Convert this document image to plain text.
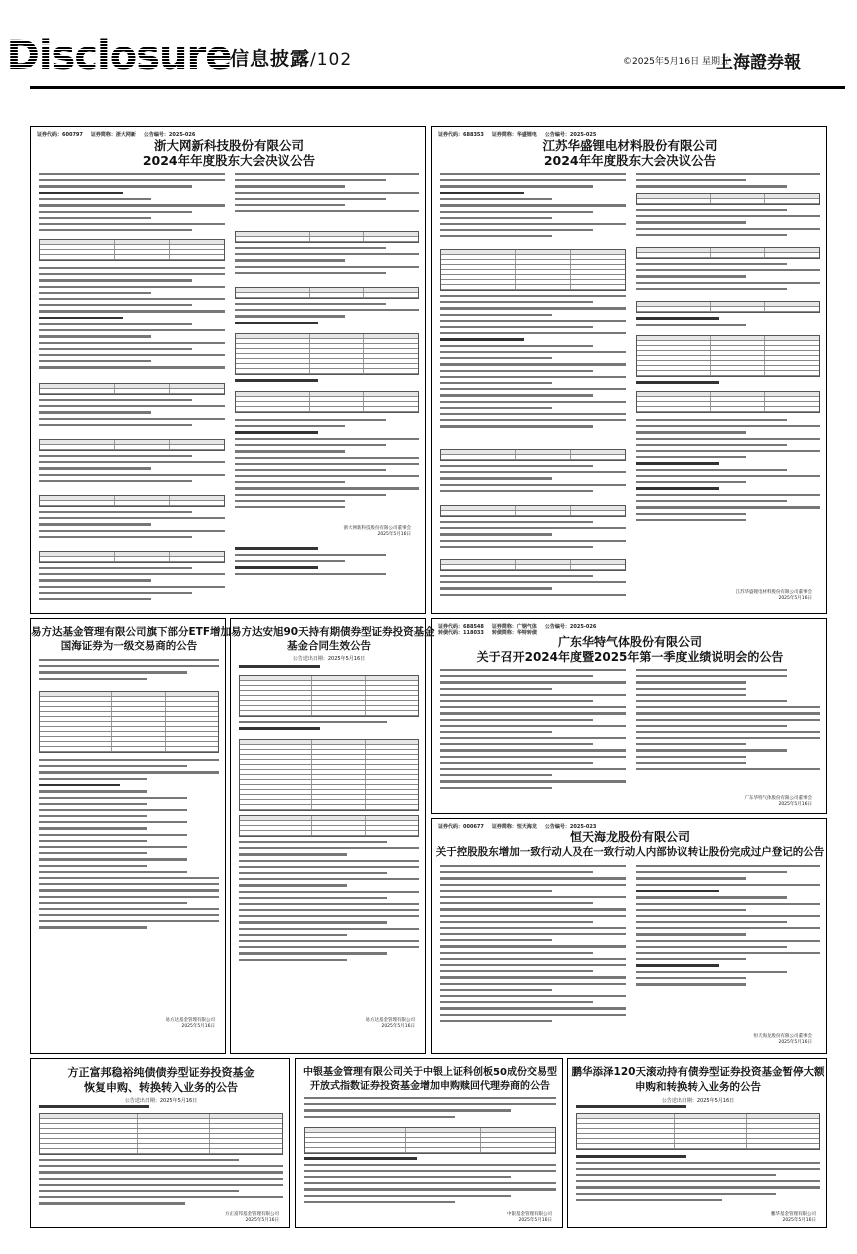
Disclosure
信息披露/102	©2025年5月16日 星期五
上海證券報
证券代码：600797 证券简称：浙大网新 公告编号：2025-026
浙大网新科技股份有限公司
2024年年度股东大会决议公告
浙大网新科技股份有限公司董事会
2025年5月16日
证券代码：688353 证券简称：华盛锂电 公告编号：2025-025
江苏华盛锂电材料股份有限公司
2024年年度股东大会决议公告
江苏华盛锂电材料股份有限公司董事会
2025年5月16日
易方达基金管理有限公司旗下部分ETF增加
国海证券为一级交易商的公告
易方达基金管理有限公司
2025年5月16日
易方达安旭90天持有期债券型证券投资基金
基金合同生效公告
公告送出日期：2025年5月16日
易方达基金管理有限公司
2025年5月16日
证券代码：688548 证券简称：广钢气体 公告编号：2025-026
转债代码：118033 转债简称：华特转债
广东华特气体股份有限公司
关于召开2024年度暨2025年第一季度业绩说明会的公告
广东华特气体股份有限公司董事会
2025年5月16日
证券代码：000677 证券简称：恒天海龙 公告编号：2025-023
恒天海龙股份有限公司
关于控股股东增加一致行动人及在一致行动人内部协议转让股份完成过户登记的公告
恒天海龙股份有限公司董事会
2025年5月16日
方正富邦稳裕纯债债券型证券投资基金
恢复申购、转换转入业务的公告
公告送出日期：2025年5月16日
方正富邦基金管理有限公司
2025年5月16日
中银基金管理有限公司关于中银上证科创板50成份交易型
开放式指数证券投资基金增加申购赎回代理券商的公告
中银基金管理有限公司
2025年5月16日
鹏华添泽120天滚动持有债券型证券投资基金暂停大额
申购和转换转入业务的公告
公告送出日期：2025年5月16日
鹏华基金管理有限公司
2025年5月16日
